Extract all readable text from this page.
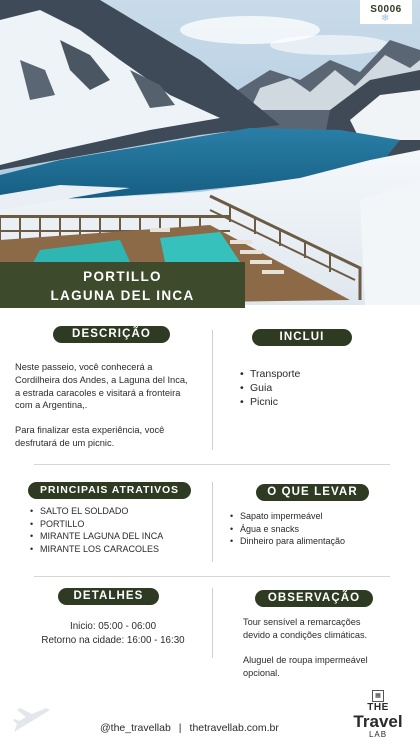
S0006
❄
PORTILLO
LAGUNA DEL INCA
DESCRIÇÃO	INCLUI
Neste passeio, você conhecerá a
Cordilheira dos Andes, a Laguna del Inca,
a estrada caracoles e visitará a fronteira
com a Argentina,.
Para finalizar esta experiência, você
desfrutará de um picnic.
• Transporte
• Guia
• Picnic
PRINCIPAIS ATRATIVOS	O QUE LEVAR
• SALTO EL SOLDADO
• PORTILLO
• MIRANTE LAGUNA DEL INCA
• MIRANTE LOS CARACOLES
• Sapato impermeável
• Água e snacks
• Dinheiro para alimentação
DETALHES	OBSERVAÇÃO
Inicio: 05:00 - 06:00
Retorno na cidade: 16:00 - 16:30
Tour sensível a remarcações
devido a condições climáticas.
Aluguel de roupa impermeável
opcional.
@the_travellab | thetravellab.com.br
▦
THE
Travel
LAB
